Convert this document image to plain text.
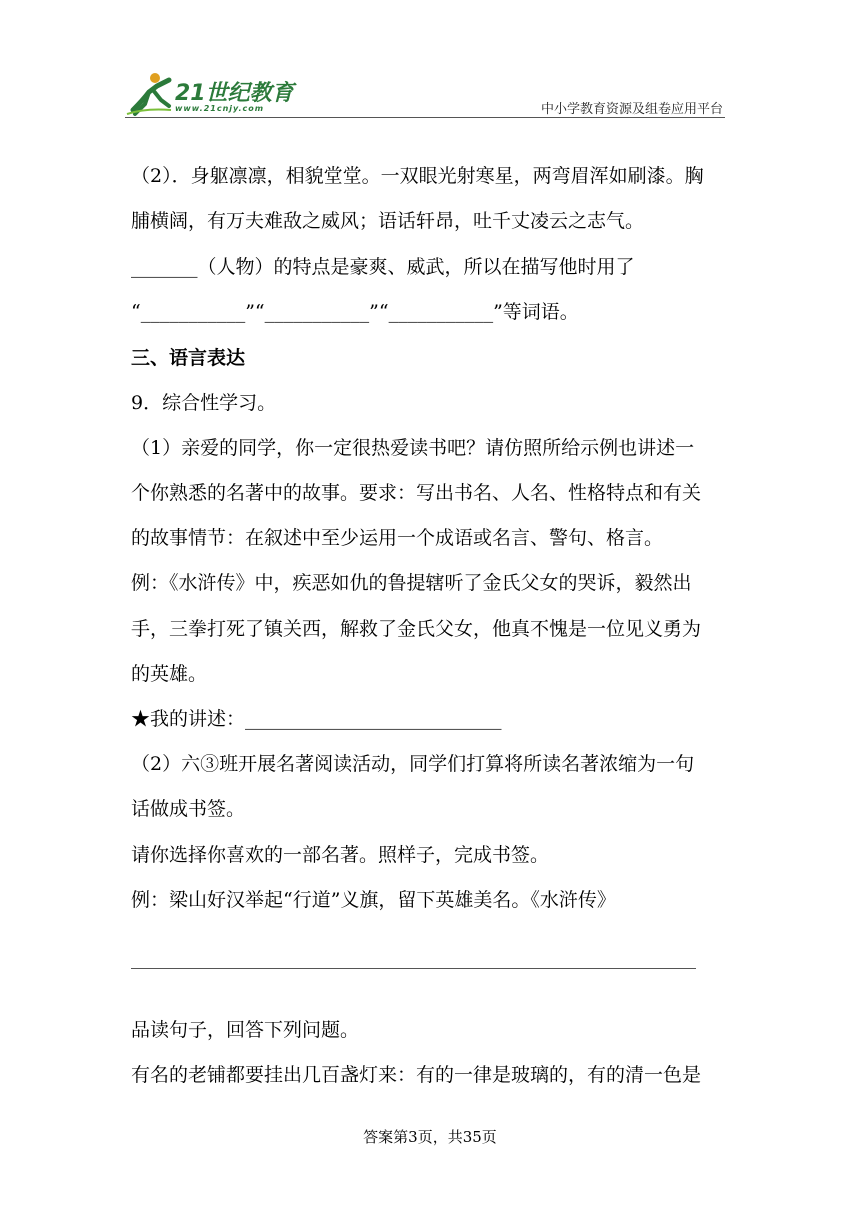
21世纪教育
www.21cnjy.com	中小学教育资源及组卷应用平台
（2）．身躯凛凛，相貌堂堂。一双眼光射寒星，两弯眉浑如刷漆。胸
脯横阔，有万夫难敌之威风；语话轩昂，吐千丈凌云之志气。
_______（人物）的特点是豪爽、威武，所以在描写他时用了
“___________”“___________”“___________”等词语。
三、语言表达
9．综合性学习。
（1）亲爱的同学，你一定很热爱读书吧？请仿照所给示例也讲述一
个你熟悉的名著中的故事。要求：写出书名、人名、性格特点和有关
的故事情节：在叙述中至少运用一个成语或名言、警句、格言。
例：《水浒传》中，疾恶如仇的鲁提辖听了金氏父女的哭诉，毅然出
手，三拳打死了镇关西，解救了金氏父女，他真不愧是一位见义勇为
的英雄。
★我的讲述：___________________________
（2）六③班开展名著阅读活动，同学们打算将所读名著浓缩为一句
话做成书签。
请你选择你喜欢的一部名著。照样子，完成书签。
例：梁山好汉举起“行道”义旗，留下英雄美名。《水浒传》
品读句子，回答下列问题。
有名的老铺都要挂出几百盏灯来：有的一律是玻璃的，有的清一色是
答案第3页，共35页
